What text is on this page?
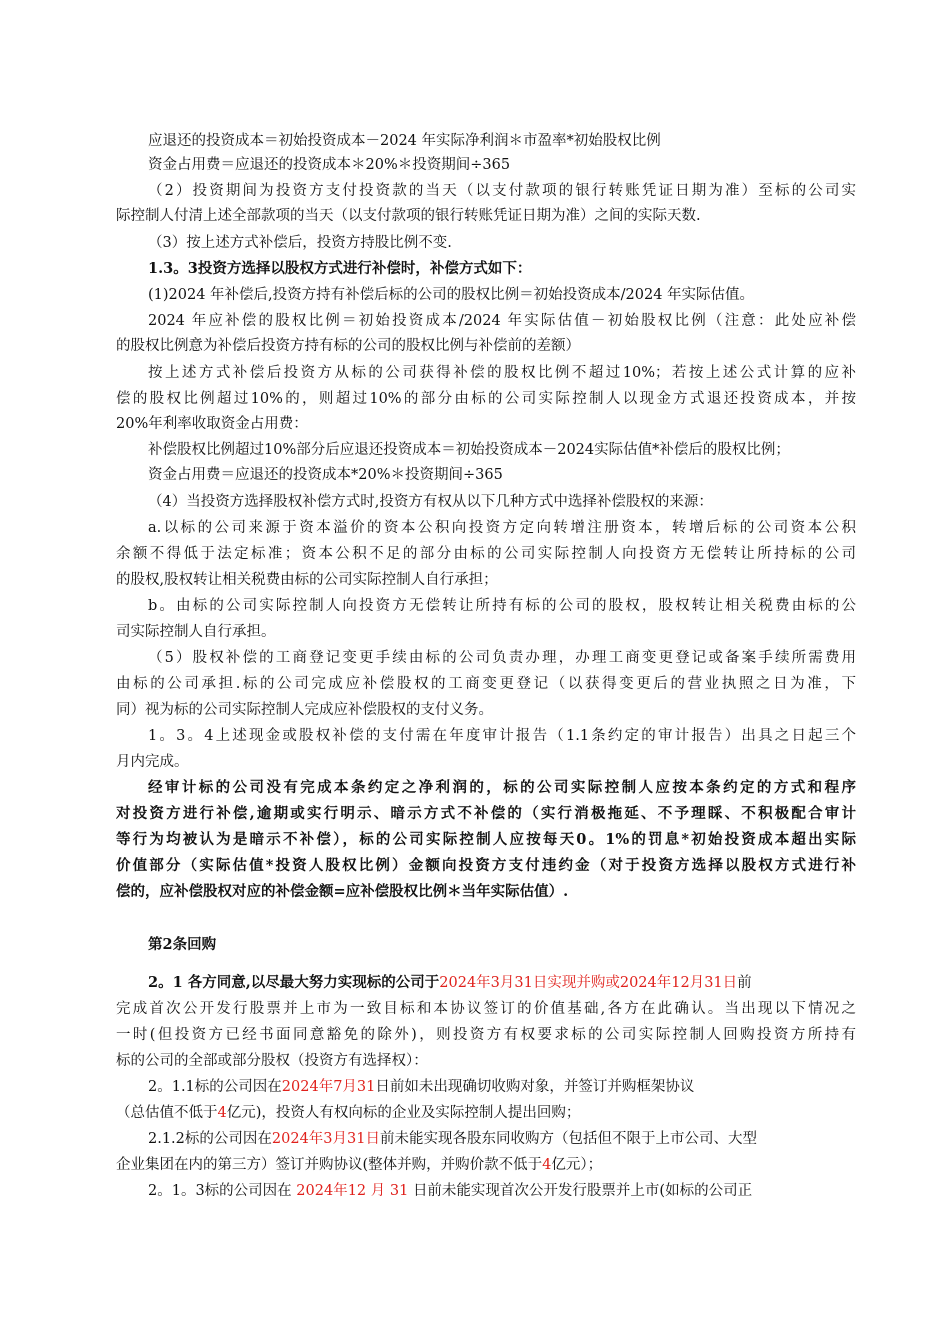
应退还的投资成本＝初始投资成本－2024 年实际净利润＊市盈率*初始股权比例
资金占用费＝应退还的投资成本＊20%＊投资期间÷365
（2）投资期间为投资方支付投资款的当天（以支付款项的银行转账凭证日期为准）至标的公司实
际控制人付清上述全部款项的当天（以支付款项的银行转账凭证日期为准）之间的实际天数.
（3）按上述方式补偿后，投资方持股比例不变.
1.3。3投资方选择以股权方式进行补偿时，补偿方式如下：
(1)2024 年补偿后,投资方持有补偿后标的公司的股权比例＝初始投资成本/2024 年实际估值。
2024 年应补偿的股权比例＝初始投资成本/2024 年实际估值－初始股权比例（注意：此处应补偿
的股权比例意为补偿后投资方持有标的公司的股权比例与补偿前的差额）
按上述方式补偿后投资方从标的公司获得补偿的股权比例不超过10%；若按上述公式计算的应补
偿的股权比例超过10%的，则超过10%的部分由标的公司实际控制人以现金方式退还投资成本，并按
20%年利率收取资金占用费：
补偿股权比例超过10%部分后应退还投资成本＝初始投资成本－2024实际估值*补偿后的股权比例；
资金占用费＝应退还的投资成本*20%＊投资期间÷365
（4）当投资方选择股权补偿方式时,投资方有权从以下几种方式中选择补偿股权的来源：
a.以标的公司来源于资本溢价的资本公积向投资方定向转增注册资本，转增后标的公司资本公积
余额不得低于法定标准；资本公积不足的部分由标的公司实际控制人向投资方无偿转让所持标的公司
的股权,股权转让相关税费由标的公司实际控制人自行承担；
b。由标的公司实际控制人向投资方无偿转让所持有标的公司的股权，股权转让相关税费由标的公
司实际控制人自行承担。
（5）股权补偿的工商登记变更手续由标的公司负责办理，办理工商变更登记或备案手续所需费用
由标的公司承担.标的公司完成应补偿股权的工商变更登记（以获得变更后的营业执照之日为准，下
同）视为标的公司实际控制人完成应补偿股权的支付义务。
1。3。4上述现金或股权补偿的支付需在年度审计报告（1.1条约定的审计报告）出具之日起三个
月内完成。
经审计标的公司没有完成本条约定之净利润的，标的公司实际控制人应按本条约定的方式和程序
对投资方进行补偿,逾期或实行明示、暗示方式不补偿的（实行消极拖延、不予理睬、不积极配合审计
等行为均被认为是暗示不补偿），标的公司实际控制人应按每天0。1%的罚息*初始投资成本超出实际
价值部分（实际估值*投资人股权比例）金额向投资方支付违约金（对于投资方选择以股权方式进行补
偿的，应补偿股权对应的补偿金额=应补偿股权比例＊当年实际估值）.
第2条回购
2。1 各方同意,以尽最大努力实现标的公司于2024年3月31日实现并购或2024年12月31日前
完成首次公开发行股票并上市为一致目标和本协议签订的价值基础,各方在此确认。当出现以下情况之
一时(但投资方已经书面同意豁免的除外)，则投资方有权要求标的公司实际控制人回购投资方所持有
标的公司的全部或部分股权（投资方有选择权）：
2。1.1标的公司因在2024年7月31日前如未出现确切收购对象，并签订并购框架协议
（总估值不低于4亿元)，投资人有权向标的企业及实际控制人提出回购；
2.1.2标的公司因在2024年3月31日前未能实现各股东同收购方（包括但不限于上市公司、大型
企业集团在内的第三方）签订并购协议(整体并购，并购价款不低于4亿元）；
2。1。3标的公司因在 2024年12 月 31 日前未能实现首次公开发行股票并上市(如标的公司正
